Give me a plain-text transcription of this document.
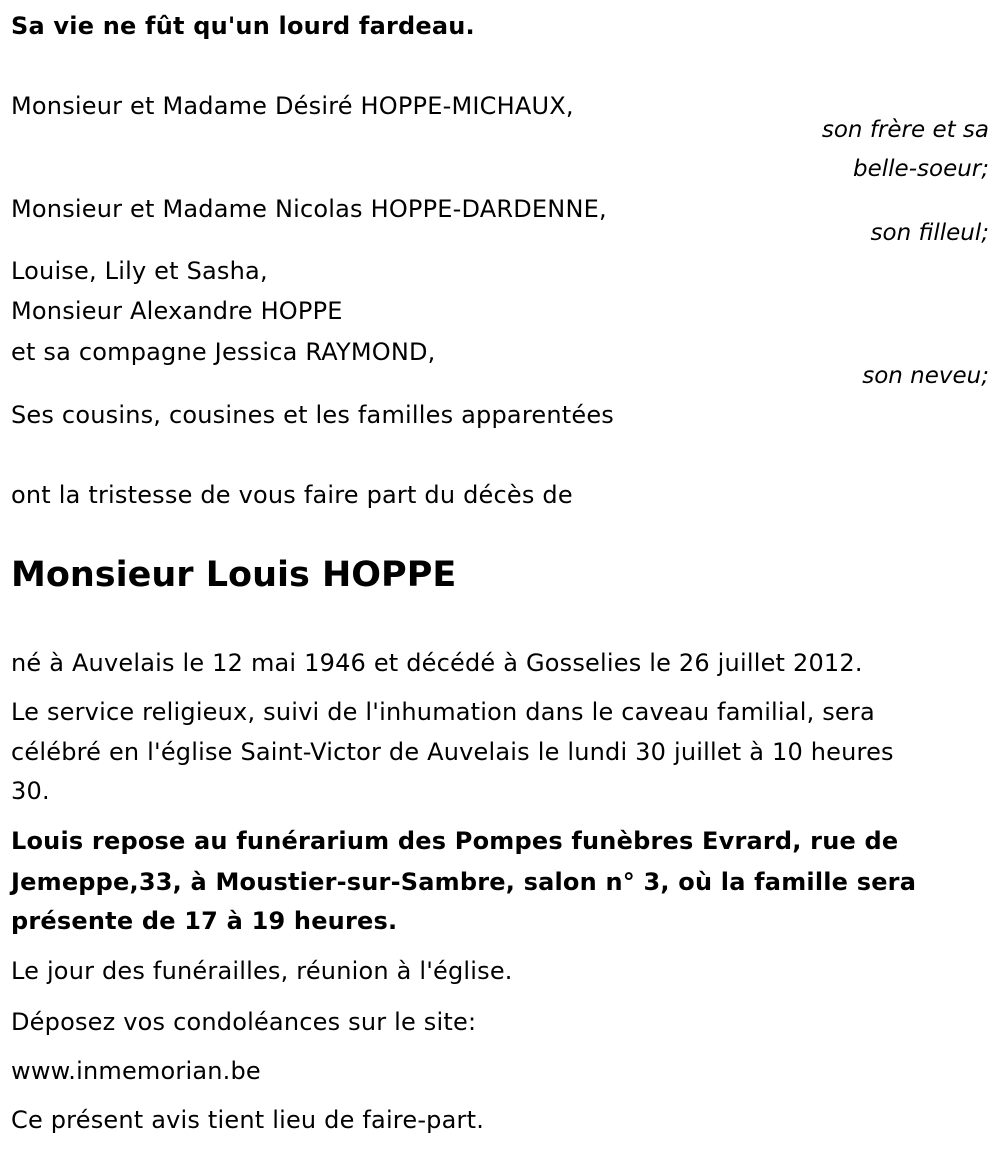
Sa vie ne fût qu'un lourd fardeau.

Monsieur et Madame Désiré HOPPE-MICHAUX,

son frère et sa

belle-soeur;

Monsieur et Madame Nicolas HOPPE-DARDENNE,

son filleul;

Louise, Lily et Sasha,

Monsieur Alexandre HOPPE

et sa compagne Jessica RAYMOND,

son neveu;

Ses cousins, cousines et les familles apparentées

ont la tristesse de vous faire part du décès de

Monsieur Louis HOPPE

né à Auvelais le 12 mai 1946 et décédé à Gosselies le 26 juillet 2012.

Le service religieux, suivi de l'inhumation dans le caveau familial, sera

célébré en l'église Saint-Victor de Auvelais le lundi 30 juillet à 10 heures

30.

Louis repose au funérarium des Pompes funèbres Evrard, rue de

Jemeppe,33, à Moustier-sur-Sambre, salon n° 3, où la famille sera

présente de 17 à 19 heures.

Le jour des funérailles, réunion à l'église.

Déposez vos condoléances sur le site:

www.inmemorian.be

Ce présent avis tient lieu de faire-part.
